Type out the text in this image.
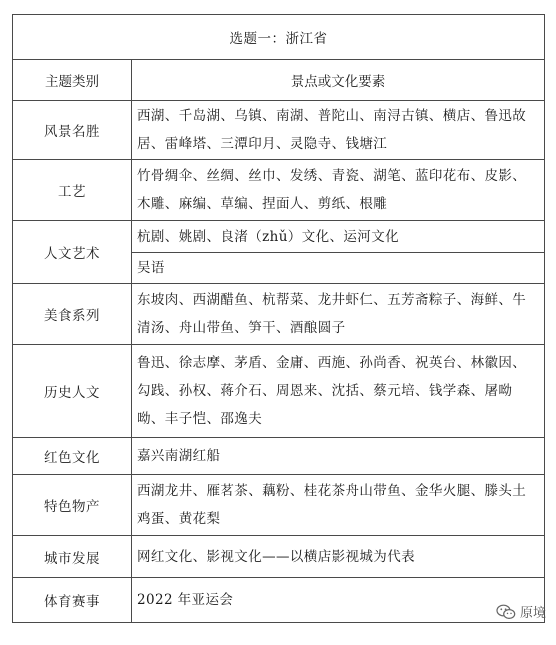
选题一：浙江省	
主题类别	景点或文化要素
风景名胜	西湖、千岛湖、乌镇、南湖、普陀山、南浔古镇、横店、鲁迅故居、雷峰塔、三潭印月、灵隐寺、钱塘江
工艺	竹骨绸伞、丝绸、丝巾、发绣、青瓷、湖笔、蓝印花布、皮影、木雕、麻编、草编、捏面人、剪纸、根雕
人文艺术	杭剧、姚剧、良渚（zhǔ）文化、运河文化
	吴语
美食系列	东坡肉、西湖醋鱼、杭帮菜、龙井虾仁、五芳斋粽子、海鲜、牛清汤、舟山带鱼、笋干、酒酿圆子
历史人文	鲁迅、徐志摩、茅盾、金庸、西施、孙尚香、祝英台、林徽因、勾践、孙权、蒋介石、周恩来、沈括、蔡元培、钱学森、屠呦呦、丰子恺、邵逸夫
红色文化	嘉兴南湖红船
特色物产	西湖龙井、雁茗茶、藕粉、桂花茶舟山带鱼、金华火腿、滕头土鸡蛋、黄花梨
城市发展	网红文化、影视文化——以横店影视城为代表
体育赛事	2022 年亚运会
原境
